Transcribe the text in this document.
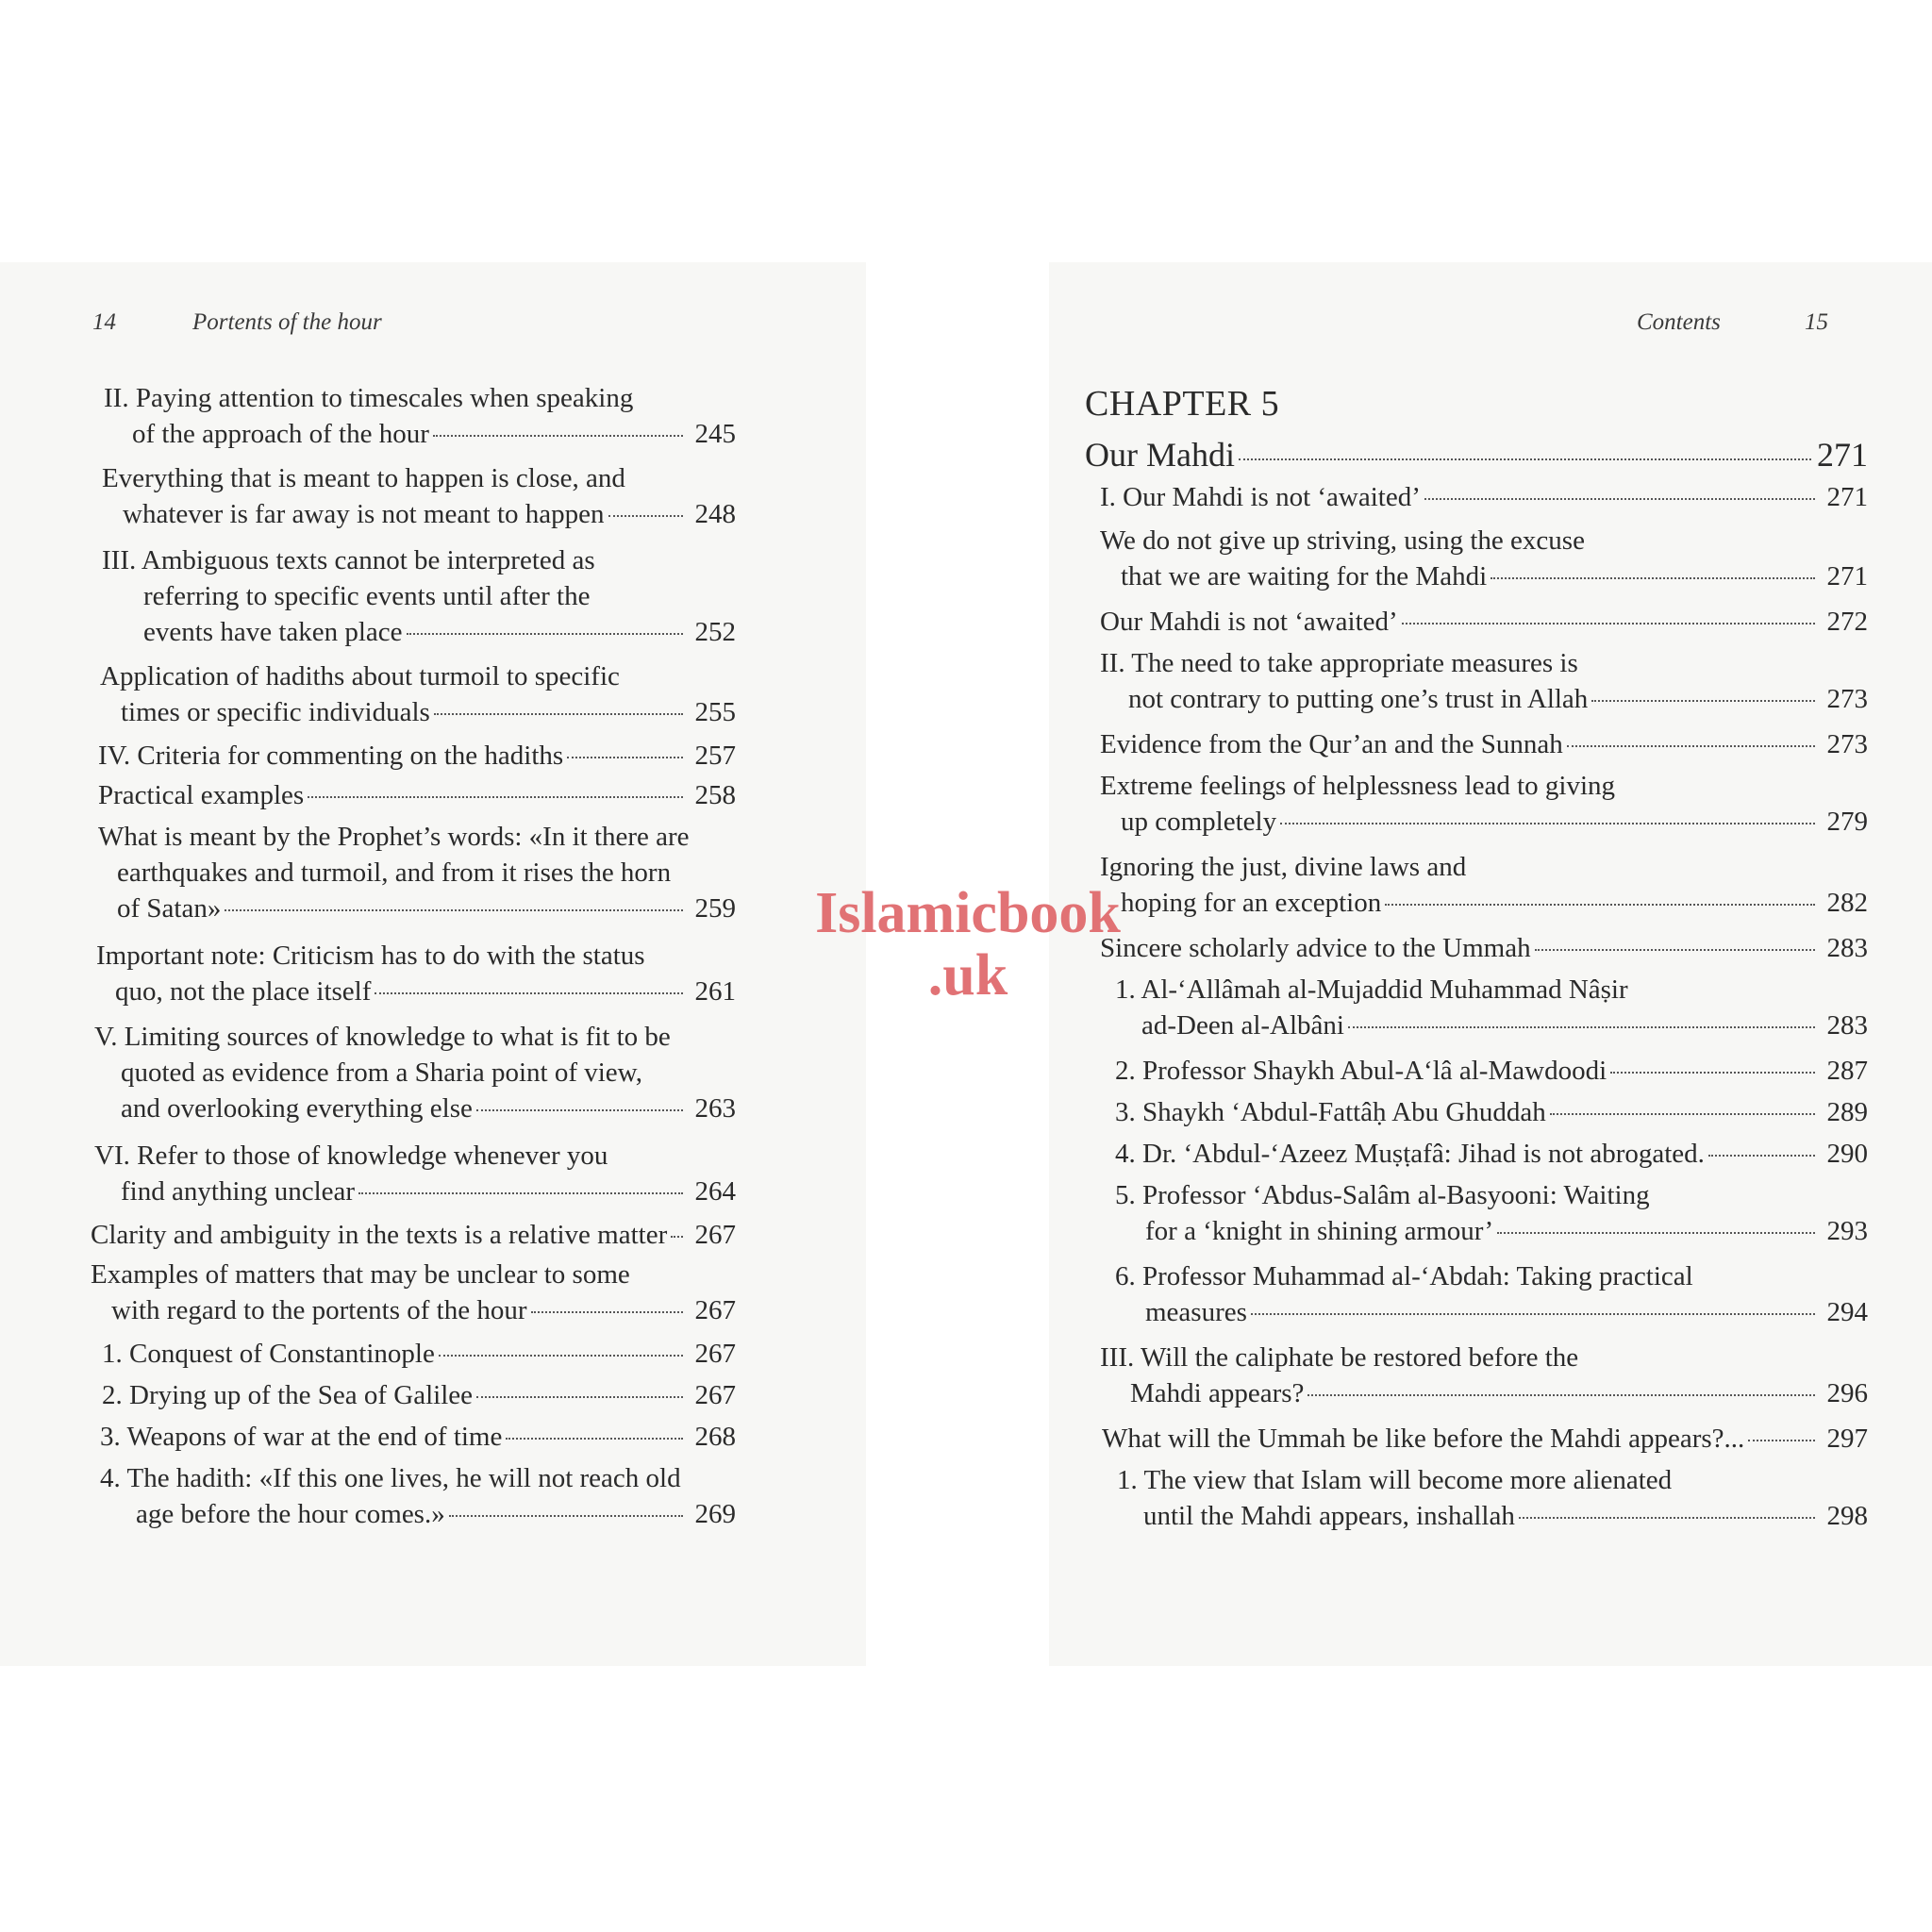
14	Portents of the hour
II. Paying attention to timescales when speaking
of the approach of the hour	245
Everything that is meant to happen is close, and
whatever is far away is not meant to happen	248
III. Ambiguous texts cannot be interpreted as
referring to specific events until after the
events have taken place	252
Application of hadiths about turmoil to specific
times or specific individuals	255
IV. Criteria for commenting on the hadiths	257
Practical examples	258
What is meant by the Prophet’s words: «In it there are
earthquakes and turmoil, and from it rises the horn
of Satan»	259
Important note: Criticism has to do with the status
quo, not the place itself	261
V. Limiting sources of knowledge to what is fit to be
quoted as evidence from a Sharia point of view,
and overlooking everything else	263
VI. Refer to those of knowledge whenever you
find anything unclear	264
Clarity and ambiguity in the texts is a relative matter 267
Examples of matters that may be unclear to some
with regard to the portents of the hour	267
1. Conquest of Constantinople	267
2. Drying up of the Sea of Galilee	267
3. Weapons of war at the end of time	268
4. The hadith: «If this one lives, he will not reach old
age before the hour comes.»	269
Contents	15
CHAPTER 5
Our Mahdi	271
I. Our Mahdi is not ‘awaited’	271
We do not give up striving, using the excuse
that we are waiting for the Mahdi	271
Our Mahdi is not ‘awaited’	272
II. The need to take appropriate measures is
not contrary to putting one’s trust in Allah	273
Evidence from the Qur’an and the Sunnah	273
Extreme feelings of helplessness lead to giving
up completely	279
Ignoring the just, divine laws and
hoping for an exception	282
Sincere scholarly advice to the Ummah	283
1. Al-‘Allâmah al-Mujaddid Muhammad Nâṣir
ad-Deen al-Albâni	283
2. Professor Shaykh Abul-A‘lâ al-Mawdoodi	287
3. Shaykh ‘Abdul-Fattâḥ Abu Ghuddah	289
4. Dr. ‘Abdul-‘Azeez Muṣṭafâ: Jihad is not abrogated.	290
5. Professor ‘Abdus-Salâm al-Basyooni: Waiting
for a ‘knight in shining armour’	293
6. Professor Muhammad al-‘Abdah: Taking practical
measures	294
III. Will the caliphate be restored before the
Mahdi appears?	296
What will the Ummah be like before the Mahdi appears?...	297
1. The view that Islam will become more alienated
until the Mahdi appears, inshallah	298
Islamicbook
.uk
